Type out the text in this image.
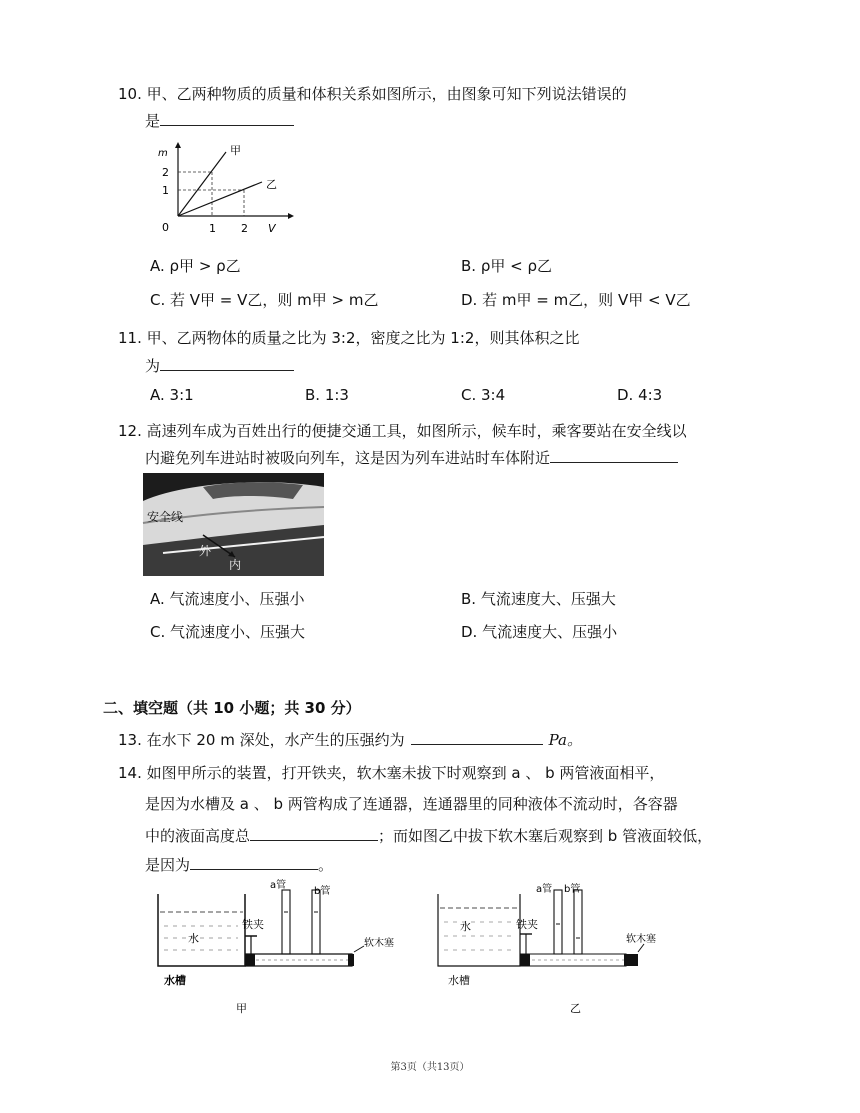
10. 甲、乙两种物质的质量和体积关系如图所示，由图象可知下列说法错误的
是
m
V
0
2
1
1 2
甲
乙
A. ρ甲 > ρ乙	B. ρ甲 < ρ乙
C. 若 V甲 = V乙，则 m甲 > m乙	D. 若 m甲 = m乙，则 V甲 < V乙
11. 甲、乙两物体的质量之比为 3:2，密度之比为 1:2，则其体积之比
为
A. 3:1	B. 1:3	C. 3:4	D. 4:3
12. 高速列车成为百姓出行的便捷交通工具，如图所示，候车时，乘客要站在安全线以
内避免列车进站时被吸向列车，这是因为列车进站时车体附近
安全线
外
内
A. 气流速度小、压强小	B. 气流速度大、压强大
C. 气流速度小、压强大	D. 气流速度大、压强小
二、填空题（共 10 小题；共 30 分）
13. 在水下 20 m 深处，水产生的压强约为	Pa。
14. 如图甲所示的装置，打开铁夹，软木塞未拔下时观察到 a 、 b 两管液面相平，
是因为水槽及 a 、 b 两管构成了连通器，连通器里的同种液体不流动时，各容器
中的液面高度总	；而如图乙中拔下软木塞后观察到 b 管液面较低，
是因为	。
水
铁夹
a管
b管
软木塞
水槽
甲
水	铁夹
a管 b管
软木塞
水槽
乙
第3页（共13页）
